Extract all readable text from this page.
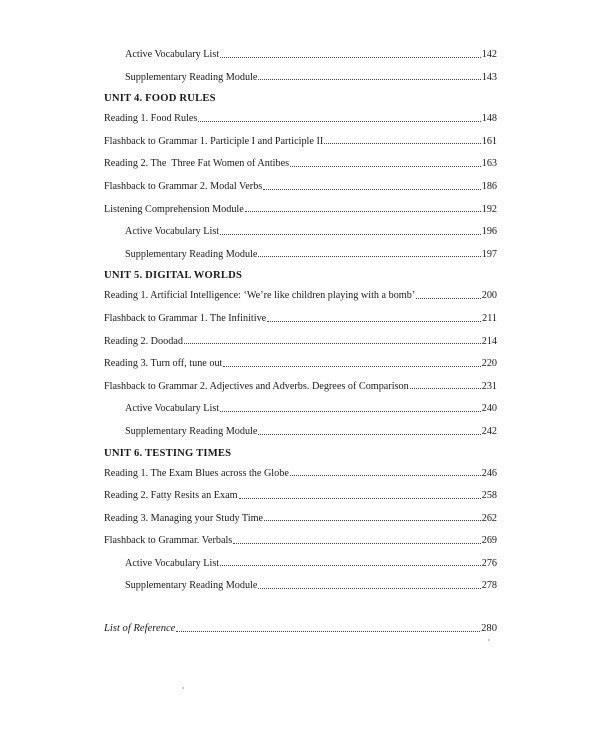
Active Vocabulary List	142
Supplementary Reading Module	143
UNIT 4. FOOD RULES
Reading 1. Food Rules	148
Flashback to Grammar 1. Participle I and Participle II	161
Reading 2. The  Three Fat Women of Antibes	163
Flashback to Grammar 2. Modal Verbs	186
Listening Comprehension Module	192
Active Vocabulary List	196
Supplementary Reading Module	197
UNIT 5. DIGITAL WORLDS
Reading 1. Artificial Intelligence: ‘We’re like children playing with a bomb’	200
Flashback to Grammar 1. The Infinitive	211
Reading 2. Doodad	214
Reading 3. Turn off, tune out	220
Flashback to Grammar 2. Adjectives and Adverbs. Degrees of Comparison	231
Active Vocabulary List	240
Supplementary Reading Module	242
UNIT 6. TESTING TIMES
Reading 1. The Exam Blues across the Globe	246
Reading 2. Fatty Resits an Exam	258
Reading 3. Managing your Study Time	262
Flashback to Grammar. Verbals	269
Active Vocabulary List	276
Supplementary Reading Module	278
List of Reference	280
